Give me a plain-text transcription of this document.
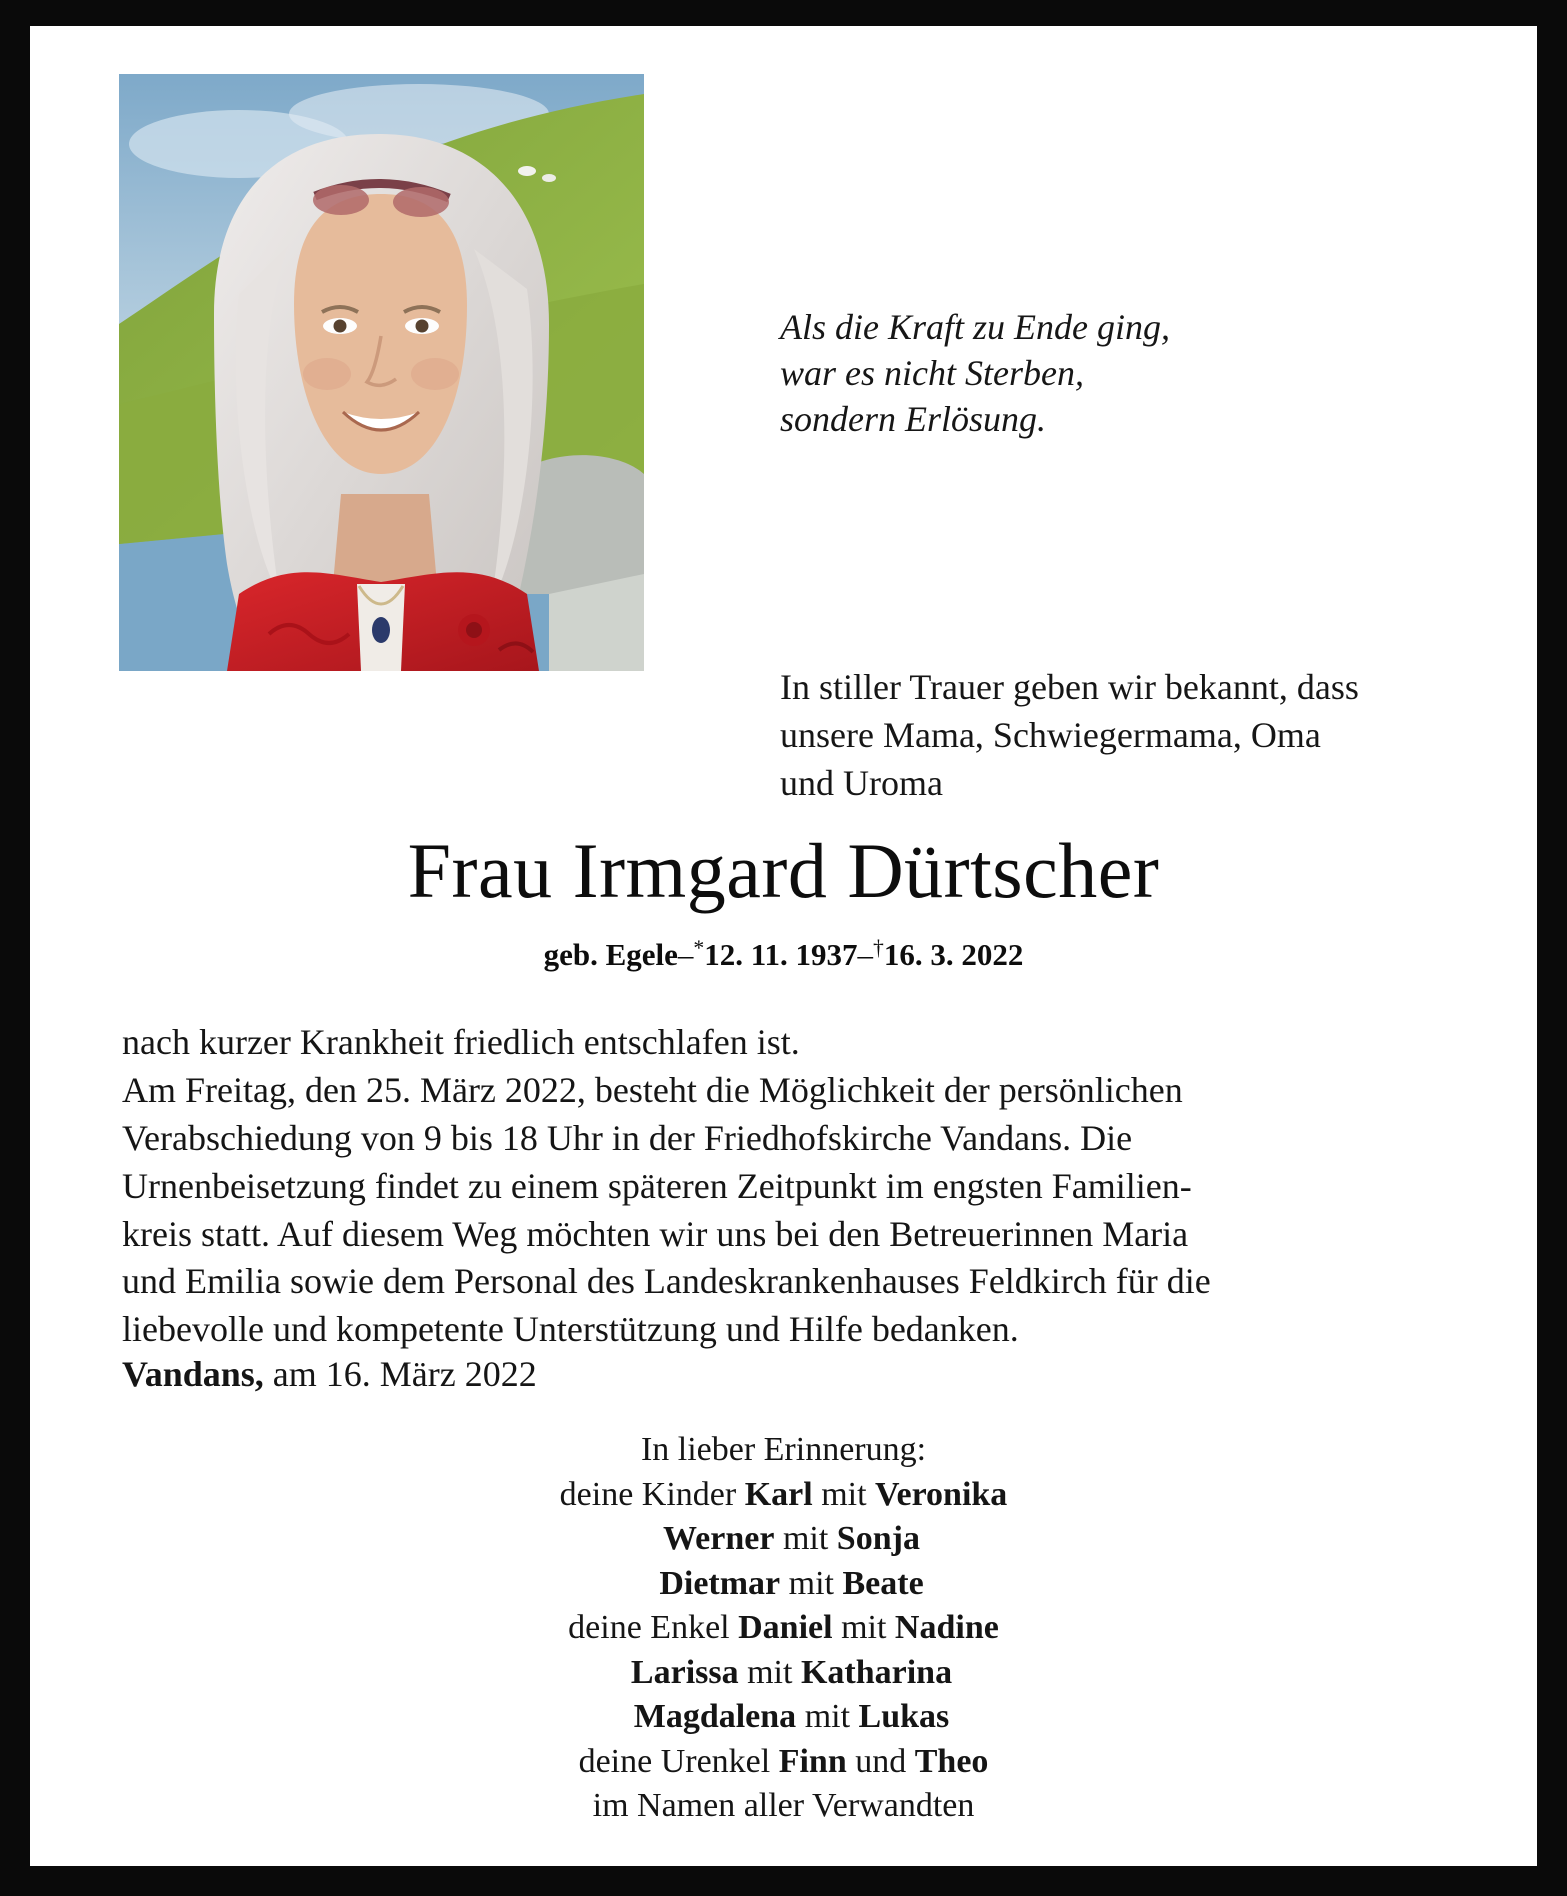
Als die Kraft zu Ende ging,
war es nicht Sterben,
sondern Erlösung.
In stiller Trauer geben wir bekannt, dass
unsere Mama, Schwiegermama, Oma
und Uroma
Frau Irmgard Dürtscher
geb. Egele–*12. 11. 1937–†16. 3. 2022
nach kurzer Krankheit friedlich entschlafen ist.
Am Freitag, den 25. März 2022, besteht die Möglichkeit der persönlichen
Verabschiedung von 9 bis 18 Uhr in der Friedhofskirche Vandans. Die
Urnenbeisetzung findet zu einem späteren Zeitpunkt im engsten Familien-
kreis statt. Auf diesem Weg möchten wir uns bei den Betreuerinnen Maria
und Emilia sowie dem Personal des Landeskrankenhauses Feldkirch für die
liebevolle und kompetente Unterstützung und Hilfe bedanken.
Vandans, am 16. März 2022
In lieber Erinnerung:
deine Kinder Karl mit Veronika
Werner mit Sonja
Dietmar mit Beate
deine Enkel Daniel mit Nadine
Larissa mit Katharina
Magdalena mit Lukas
deine Urenkel Finn und Theo
im Namen aller Verwandten
